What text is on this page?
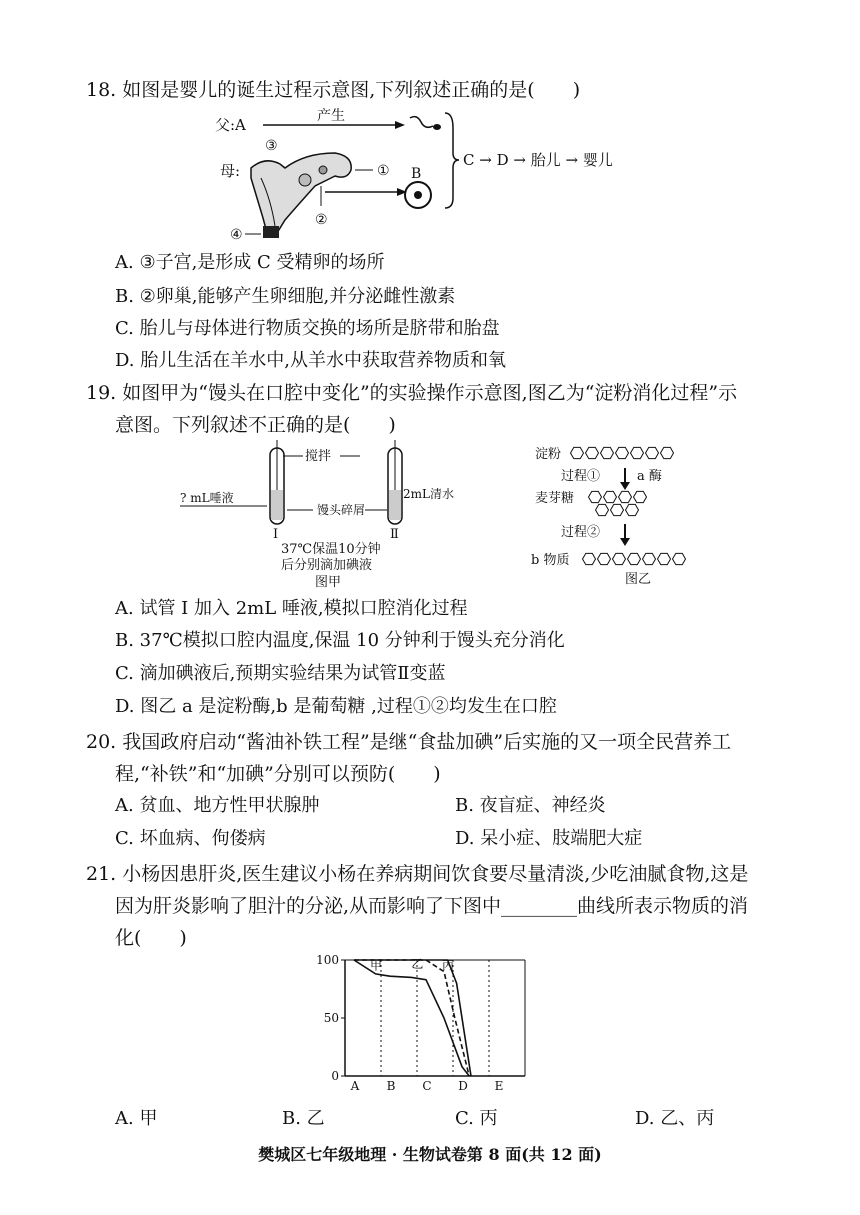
18. 如图是婴儿的诞生过程示意图,下列叙述正确的是(　　)
父:A	产生
C → D → 胎儿 → 婴儿
③
母:	①
②
④
B
A. ③子宫,是形成 C 受精卵的场所
B. ②卵巢,能够产生卵细胞,并分泌雌性激素
C. 胎儿与母体进行物质交换的场所是脐带和胎盘
D. 胎儿生活在羊水中,从羊水中获取营养物质和氧
19. 如图甲为“馒头在口腔中变化”的实验操作示意图,图乙为“淀粉消化过程”示
意图。下列叙述不正确的是(　　)
搅拌
? mL唾液	2mL清水
馒头碎屑
I	Ⅱ
37℃保温10分钟
后分别滴加碘液
图甲
淀粉
过程①	a 酶
麦芽糖
过程②
b 物质
图乙
A. 试管 I 加入 2mL 唾液,模拟口腔消化过程
B. 37℃模拟口腔内温度,保温 10 分钟利于馒头充分消化
C. 滴加碘液后,预期实验结果为试管Ⅱ变蓝
D. 图乙 a 是淀粉酶,b 是葡萄糖 ,过程①②均发生在口腔
20. 我国政府启动“酱油补铁工程”是继“食盐加碘”后实施的又一项全民营养工
程,“补铁”和“加碘”分别可以预防(　　)
A. 贫血、地方性甲状腺肿	B. 夜盲症、神经炎
C. 坏血病、佝偻病	D. 呆小症、肢端肥大症
21. 小杨因患肝炎,医生建议小杨在养病期间饮食要尽量清淡,少吃油腻食物,这是
因为肝炎影响了胆汁的分泌,从而影响了下图中________曲线所表示物质的消
化(　　)
0
50
100
A B C D E
甲 乙 丙
A. 甲	B. 乙	C. 丙	D. 乙、丙
樊城区七年级地理 · 生物试卷第 8 面(共 12 面)
